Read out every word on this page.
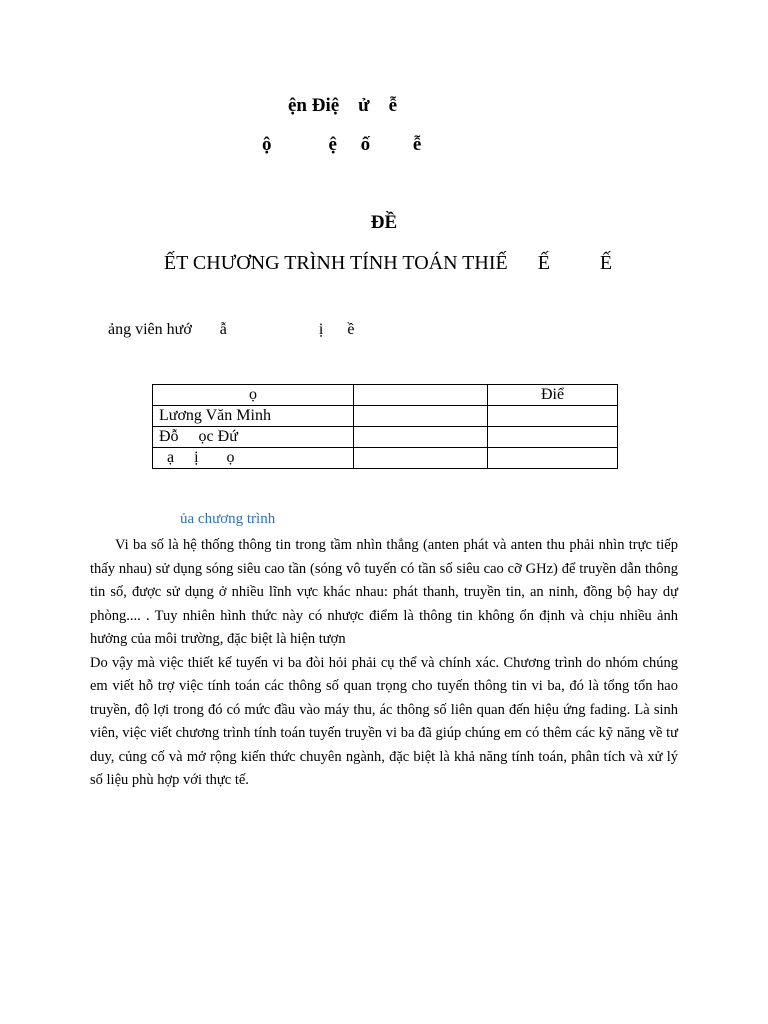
ện Điệ    ử    ễ
ộ            ệ     ố         ễ
ĐỀ
ẾT CHƯƠNG TRÌNH TÍNH TOÁN THIẾ      Ế          Ế
ảng viên hướ       ẫ                       ị      ề
ọ		Điể
Lương Văn Minh		
Đỗ     ọc Đứ		
ạ     ị       ọ		
ủa chương trình

Vi ba số là hệ thống thông tin trong tầm nhìn thẳng (anten phát và anten thu phải nhìn trực tiếp thấy nhau) sử dụng sóng siêu cao tần (sóng vô tuyến có tần số siêu cao cỡ GHz) để truyền dẫn thông tin số, được sử dụng ở nhiều lĩnh vực khác nhau: phát thanh, truyền tin, an ninh, đồng bộ hay dự phòng.... . Tuy nhiên hình thức này có nhược điểm là thông tin không ổn định và chịu nhiều ảnh hưởng của môi trường, đặc biệt là hiện tượn

Do vậy mà việc thiết kế tuyến vi ba đòi hỏi phải cụ thể và chính xác. Chương trình do nhóm chúng em viết hỗ trợ việc tính toán các thông số quan trọng cho tuyến thông tin vi ba, đó là tổng tổn hao truyền, độ lợi trong đó có mức đầu vào máy thu, ác thông số liên quan đến hiệu ứng fading. Là sinh viên, việc viết chương trình tính toán tuyến truyền vi ba đã giúp chúng em có thêm các kỹ năng về tư duy, củng cố và mở rộng kiến thức chuyên ngành, đặc biệt là khả năng tính toán, phân tích và xử lý số liệu phù hợp với thực tế.
